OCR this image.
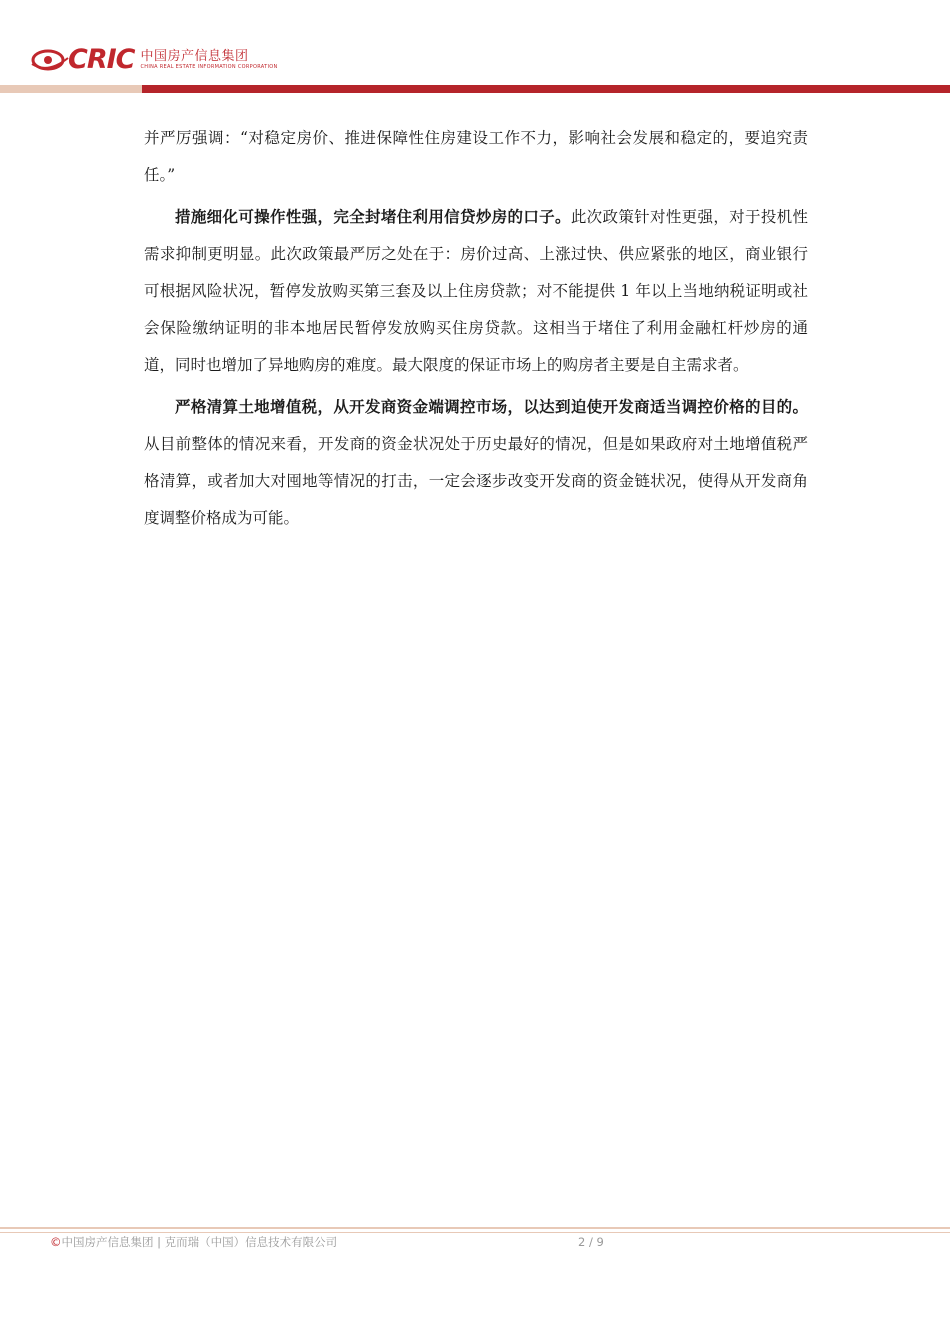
CRIC 中国房产信息集团
CHINA REAL ESTATE INFORMATION CORPORATION

并严厉强调：“对稳定房价、推进保障性住房建设工作不力，影响社会发展和稳定的，要追究责任。”

措施细化可操作性强，完全封堵住利用信贷炒房的口子。此次政策针对性更强，对于投机性需求抑制更明显。此次政策最严厉之处在于：房价过高、上涨过快、供应紧张的地区，商业银行可根据风险状况，暂停发放购买第三套及以上住房贷款；对不能提供 1 年以上当地纳税证明或社会保险缴纳证明的非本地居民暂停发放购买住房贷款。这相当于堵住了利用金融杠杆炒房的通道，同时也增加了异地购房的难度。最大限度的保证市场上的购房者主要是自主需求者。

严格清算土地增值税，从开发商资金端调控市场，以达到迫使开发商适当调控价格的目的。从目前整体的情况来看，开发商的资金状况处于历史最好的情况，但是如果政府对土地增值税严格清算，或者加大对囤地等情况的打击，一定会逐步改变开发商的资金链状况，使得从开发商角度调整价格成为可能。

©中国房产信息集团 | 克而瑞（中国）信息技术有限公司	2 / 9
